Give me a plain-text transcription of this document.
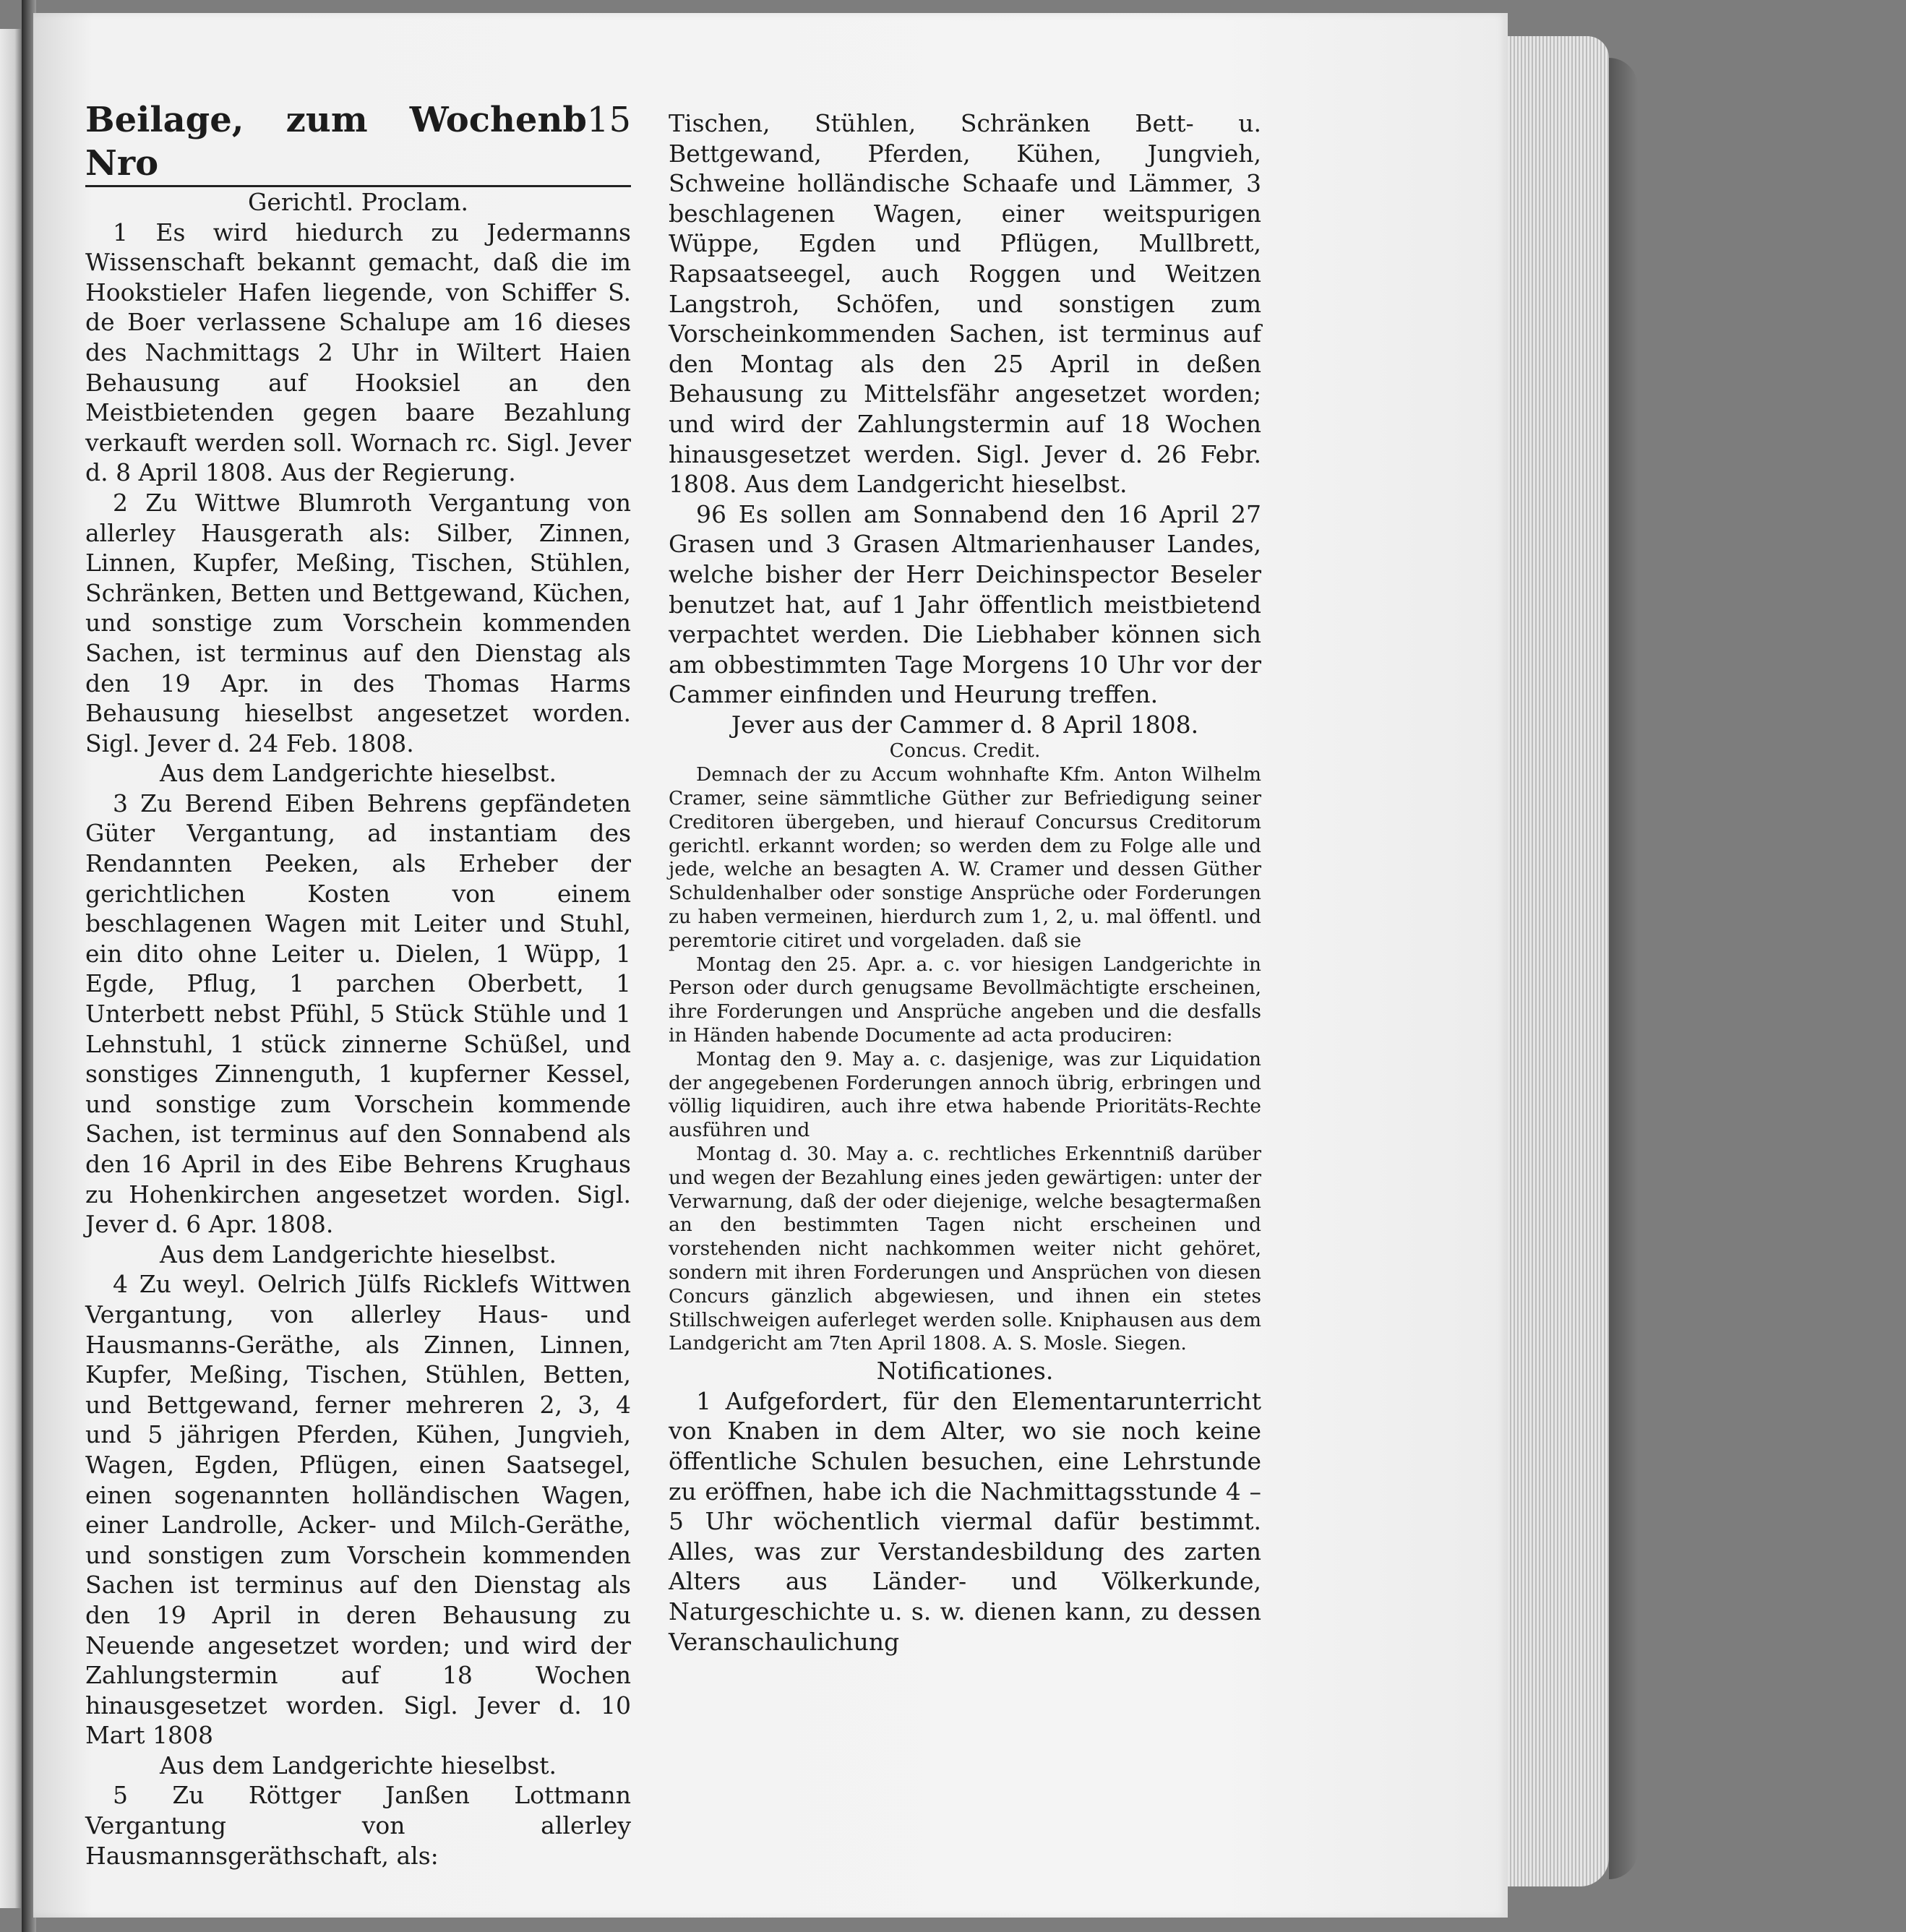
Beilage, zum Wochenb Nro
15

Gerichtl. Proclam.

1 Es wird hiedurch zu Jedermanns Wissenschaft bekannt gemacht, daß die im Hookstieler Hafen liegende, von Schiffer S. de Boer verlassene Schalupe am 16 dieses des Nachmittags 2 Uhr in Wiltert Haien Behausung auf Hooksiel an den Meistbietenden gegen baare Bezahlung verkauft werden soll. Wornach rc. Sigl. Jever d. 8 April 1808. Aus der Regierung.

2 Zu Wittwe Blumroth Vergantung von allerley Hausgerath als: Silber, Zinnen, Linnen, Kupfer, Meßing, Tischen, Stühlen, Schränken, Betten und Bettgewand, Küchen, und sonstige zum Vorschein kommenden Sachen, ist terminus auf den Dienstag als den 19 Apr. in des Thomas Harms Behausung hieselbst angesetzet worden. Sigl. Jever d. 24 Feb. 1808.

Aus dem Landgerichte hieselbst.

3 Zu Berend Eiben Behrens gepfändeten Güter Vergantung, ad instantiam des Rendannten Peeken, als Erheber der gerichtlichen Kosten von einem beschlagenen Wagen mit Leiter und Stuhl, ein dito ohne Leiter u. Dielen, 1 Wüpp, 1 Egde, Pflug, 1 parchen Oberbett, 1 Unterbett nebst Pfühl, 5 Stück Stühle und 1 Lehnstuhl, 1 stück zinnerne Schüßel, und sonstiges Zinnenguth, 1 kupferner Kessel, und sonstige zum Vorschein kommende Sachen, ist terminus auf den Sonnabend als den 16 April in des Eibe Behrens Krughaus zu Hohenkirchen angesetzet worden. Sigl. Jever d. 6 Apr. 1808.

Aus dem Landgerichte hieselbst.

4 Zu weyl. Oelrich Jülfs Ricklefs Wittwen Vergantung, von allerley Haus- und Hausmanns-Geräthe, als Zinnen, Linnen, Kupfer, Meßing, Tischen, Stühlen, Betten, und Bettgewand, ferner mehreren 2, 3, 4 und 5 jährigen Pferden, Kühen, Jungvieh, Wagen, Egden, Pflügen, einen Saatsegel, einen sogenannten holländischen Wagen, einer Landrolle, Acker- und Milch-Geräthe, und sonstigen zum Vorschein kommenden Sachen ist terminus auf den Dienstag als den 19 April in deren Behausung zu Neuende angesetzet worden; und wird der Zahlungstermin auf 18 Wochen hinausgesetzet worden. Sigl. Jever d. 10 Mart 1808

Aus dem Landgerichte hieselbst.

5 Zu Röttger Janßen Lottmann Vergantung von allerley Hausmannsgeräthschaft, als:

Tischen, Stühlen, Schränken Bett- u. Bettgewand, Pferden, Kühen, Jungvieh, Schweine holländische Schaafe und Lämmer, 3 beschlagenen Wagen, einer weitspurigen Wüppe, Egden und Pflügen, Mullbrett, Rapsaatseegel, auch Roggen und Weitzen Langstroh, Schöfen, und sonstigen zum Vorscheinkommenden Sachen, ist terminus auf den Montag als den 25 April in deßen Behausung zu Mittelsfähr angesetzet worden; und wird der Zahlungstermin auf 18 Wochen hinausgesetzet werden. Sigl. Jever d. 26 Febr. 1808. Aus dem Landgericht hieselbst.

96 Es sollen am Sonnabend den 16 April 27 Grasen und 3 Grasen Altmarienhauser Landes, welche bisher der Herr Deichinspector Beseler benutzet hat, auf 1 Jahr öffentlich meistbietend verpachtet werden. Die Liebhaber können sich am obbestimmten Tage Morgens 10 Uhr vor der Cammer einfinden und Heurung treffen.

Jever aus der Cammer d. 8 April 1808.

Concus. Credit.

Demnach der zu Accum wohnhafte Kfm. Anton Wilhelm Cramer, seine sämmtliche Güther zur Befriedigung seiner Creditoren übergeben, und hierauf Concursus Creditorum gerichtl. erkannt worden; so werden dem zu Folge alle und jede, welche an besagten A. W. Cramer und dessen Güther Schuldenhalber oder sonstige Ansprüche oder Forderungen zu haben vermeinen, hierdurch zum 1, 2, u. mal öffentl. und peremtorie citiret und vorgeladen. daß sie

Montag den 25. Apr. a. c. vor hiesigen Landgerichte in Person oder durch genugsame Bevollmächtigte erscheinen, ihre Forderungen und Ansprüche angeben und die desfalls in Händen habende Documente ad acta produciren:

Montag den 9. May a. c. dasjenige, was zur Liquidation der angegebenen Forderungen annoch übrig, erbringen und völlig liquidiren, auch ihre etwa habende Prioritäts-Rechte ausführen und

Montag d. 30. May a. c. rechtliches Erkenntniß darüber und wegen der Bezahlung eines jeden gewärtigen: unter der Verwarnung, daß der oder diejenige, welche besagtermaßen an den bestimmten Tagen nicht erscheinen und vorstehenden nicht nachkommen weiter nicht gehöret, sondern mit ihren Forderungen und Ansprüchen von diesen Concurs gänzlich abgewiesen, und ihnen ein stetes Stillschweigen auferleget werden solle. Kniphausen aus dem Landgericht am 7ten April 1808. A. S. Mosle. Siegen.

Notificationes.

1 Aufgefordert, für den Elementarunterricht von Knaben in dem Alter, wo sie noch keine öffentliche Schulen besuchen, eine Lehrstunde zu eröffnen, habe ich die Nachmittagsstunde 4 – 5 Uhr wöchentlich viermal dafür bestimmt. Alles, was zur Verstandesbildung des zarten Alters aus Länder- und Völkerkunde, Naturgeschichte u. s. w. dienen kann, zu dessen Veranschaulichung
